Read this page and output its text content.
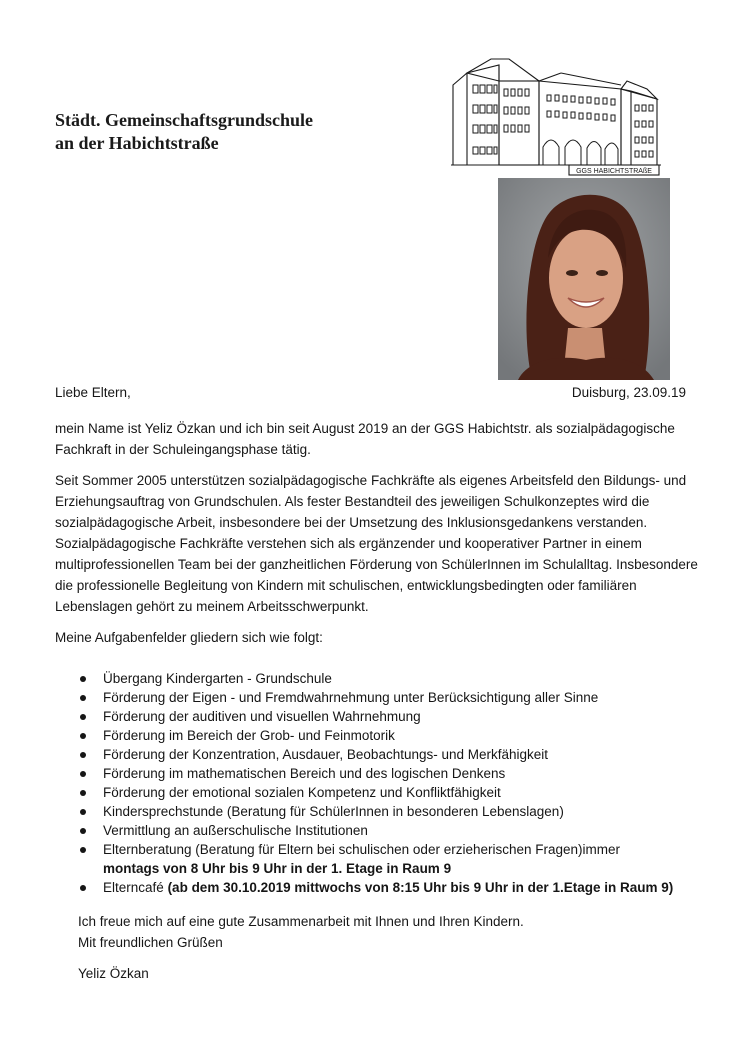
Städt. Gemeinschaftsgrundschule
an der Habichtstraße
GGS HABICHTSTRAßE
Liebe Eltern,	Duisburg, 23.09.19

mein Name ist Yeliz Özkan und ich bin seit August 2019 an der GGS Habichtstr. als sozialpädagogische Fachkraft in der Schuleingangsphase tätig.

Seit Sommer 2005 unterstützen sozialpädagogische Fachkräfte als eigenes Arbeitsfeld den Bildungs- und Erziehungsauftrag von Grundschulen. Als fester Bestandteil des jeweiligen Schulkonzeptes wird die sozialpädagogische Arbeit, insbesondere bei der Umsetzung des Inklusionsgedankens verstanden. Sozialpädagogische Fachkräfte verstehen sich als ergänzender und kooperativer Partner in einem multiprofessionellen Team bei der ganzheitlichen Förderung von SchülerInnen im Schulalltag. Insbesondere die professionelle Begleitung von Kindern mit schulischen, entwicklungsbedingten oder familiären Lebenslagen gehört zu meinem Arbeitsschwerpunkt.

Meine Aufgabenfelder gliedern sich wie folgt:

Übergang Kindergarten - Grundschule
Förderung der Eigen - und Fremdwahrnehmung unter Berücksichtigung aller Sinne
Förderung der auditiven und visuellen Wahrnehmung
Förderung im Bereich der Grob- und Feinmotorik
Förderung der Konzentration, Ausdauer, Beobachtungs- und Merkfähigkeit
Förderung im mathematischen Bereich und des logischen Denkens
Förderung der emotional sozialen Kompetenz und Konfliktfähigkeit
Kindersprechstunde (Beratung für SchülerInnen in besonderen Lebenslagen)
Vermittlung an außerschulische Institutionen
Elternberatung (Beratung für Eltern bei schulischen oder erzieherischen Fragen)immer
montags von 8 Uhr bis 9 Uhr in der 1. Etage in Raum 9
Elterncafé (ab dem 30.10.2019 mittwochs von 8:15 Uhr bis 9 Uhr in der 1.Etage in Raum 9)
Ich freue mich auf eine gute Zusammenarbeit mit Ihnen und Ihren Kindern.
Mit freundlichen Grüßen
Yeliz Özkan
